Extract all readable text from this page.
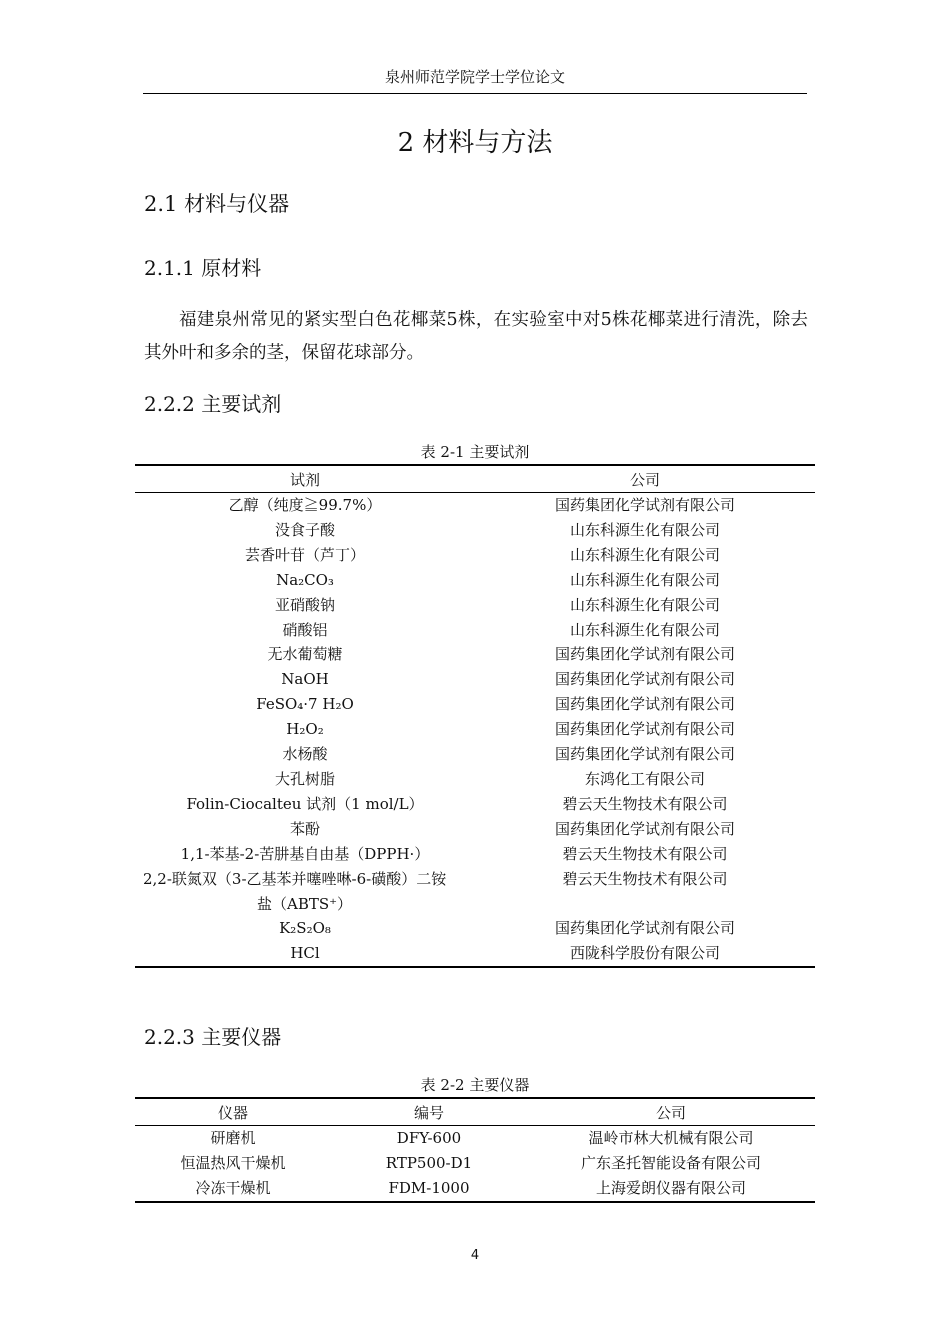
泉州师范学院学士学位论文
2 材料与方法
2.1 材料与仪器
2.1.1 原材料
福建泉州常见的紧实型白色花椰菜5株，在实验室中对5株花椰菜进行清洗，除去其外叶和多余的茎，保留花球部分。
2.2.2 主要试剂
表 2-1 主要试剂
试剂	公司
乙醇（纯度≧99.7%）	国药集团化学试剂有限公司
没食子酸	山东科源生化有限公司
芸香叶苷（芦丁）	山东科源生化有限公司
Na₂CO₃	山东科源生化有限公司
亚硝酸钠	山东科源生化有限公司
硝酸铝	山东科源生化有限公司
无水葡萄糖	国药集团化学试剂有限公司
NaOH	国药集团化学试剂有限公司
FeSO₄·7 H₂O	国药集团化学试剂有限公司
H₂O₂	国药集团化学试剂有限公司
水杨酸	国药集团化学试剂有限公司
大孔树脂	东鸿化工有限公司
Folin-Ciocalteu 试剂（1 mol/L）	碧云天生物技术有限公司
苯酚	国药集团化学试剂有限公司
1,1-苯基-2-苦肼基自由基（DPPH·）	碧云天生物技术有限公司
2,2-联氮双（3-乙基苯并噻唑啉-6-磺酸）二铵	碧云天生物技术有限公司
盐（ABTS⁺）	
K₂S₂O₈	国药集团化学试剂有限公司
HCl	西陇科学股份有限公司
2.2.3 主要仪器
表 2-2 主要仪器
仪器	编号	公司
研磨机	DFY-600	温岭市林大机械有限公司
恒温热风干燥机	RTP500-D1	广东圣托智能设备有限公司
冷冻干燥机	FDM-1000	上海爱朗仪器有限公司
4
